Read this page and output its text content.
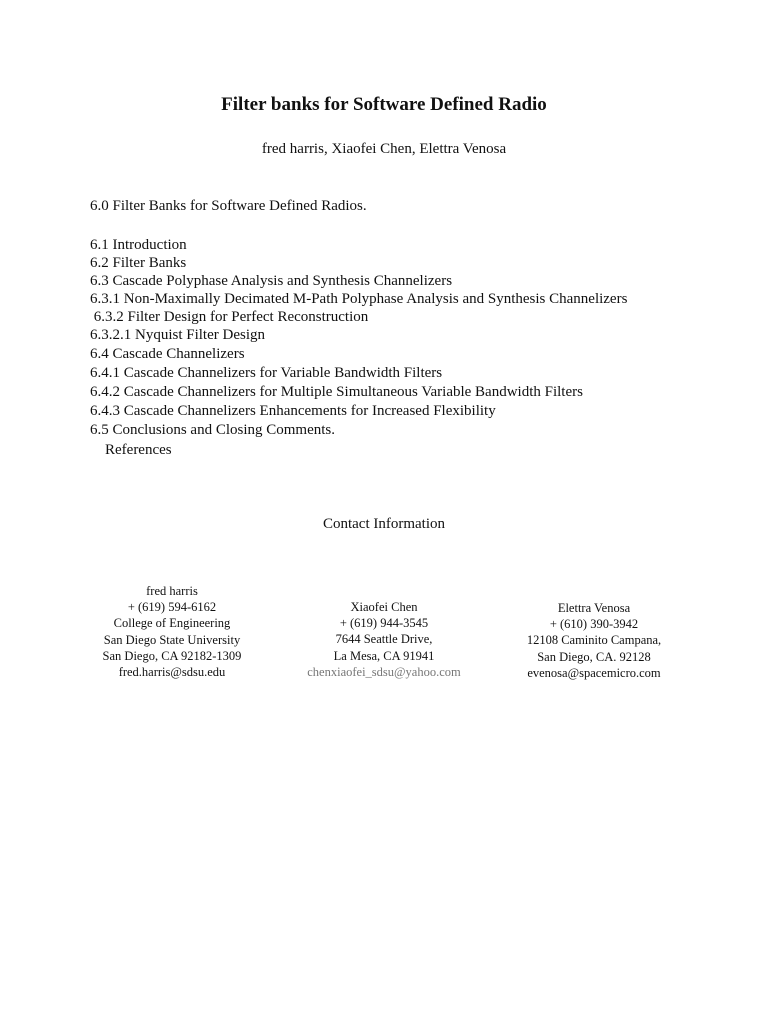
Filter banks for Software Defined Radio
fred harris, Xiaofei Chen, Elettra Venosa
6.0 Filter Banks for Software Defined Radios.
6.1 Introduction
6.2 Filter Banks
6.3 Cascade Polyphase Analysis and Synthesis Channelizers
6.3.1 Non-Maximally Decimated M-Path Polyphase Analysis and Synthesis Channelizers
6.3.2 Filter Design for Perfect Reconstruction
6.3.2.1 Nyquist Filter Design
6.4 Cascade Channelizers
6.4.1 Cascade Channelizers for Variable Bandwidth Filters
6.4.2 Cascade Channelizers for Multiple Simultaneous Variable Bandwidth Filters
6.4.3 Cascade Channelizers Enhancements for Increased Flexibility
6.5 Conclusions and Closing Comments.
References
Contact Information
fred harris
+ (619) 594-6162
College of Engineering
San Diego State University
San Diego, CA 92182-1309
fred.harris@sdsu.edu
Xiaofei Chen
+ (619) 944-3545
7644 Seattle Drive,
La Mesa, CA 91941
chenxiaofei_sdsu@yahoo.com
Elettra Venosa
+ (610) 390-3942
12108 Caminito Campana,
San Diego, CA. 92128
evenosa@spacemicro.com
